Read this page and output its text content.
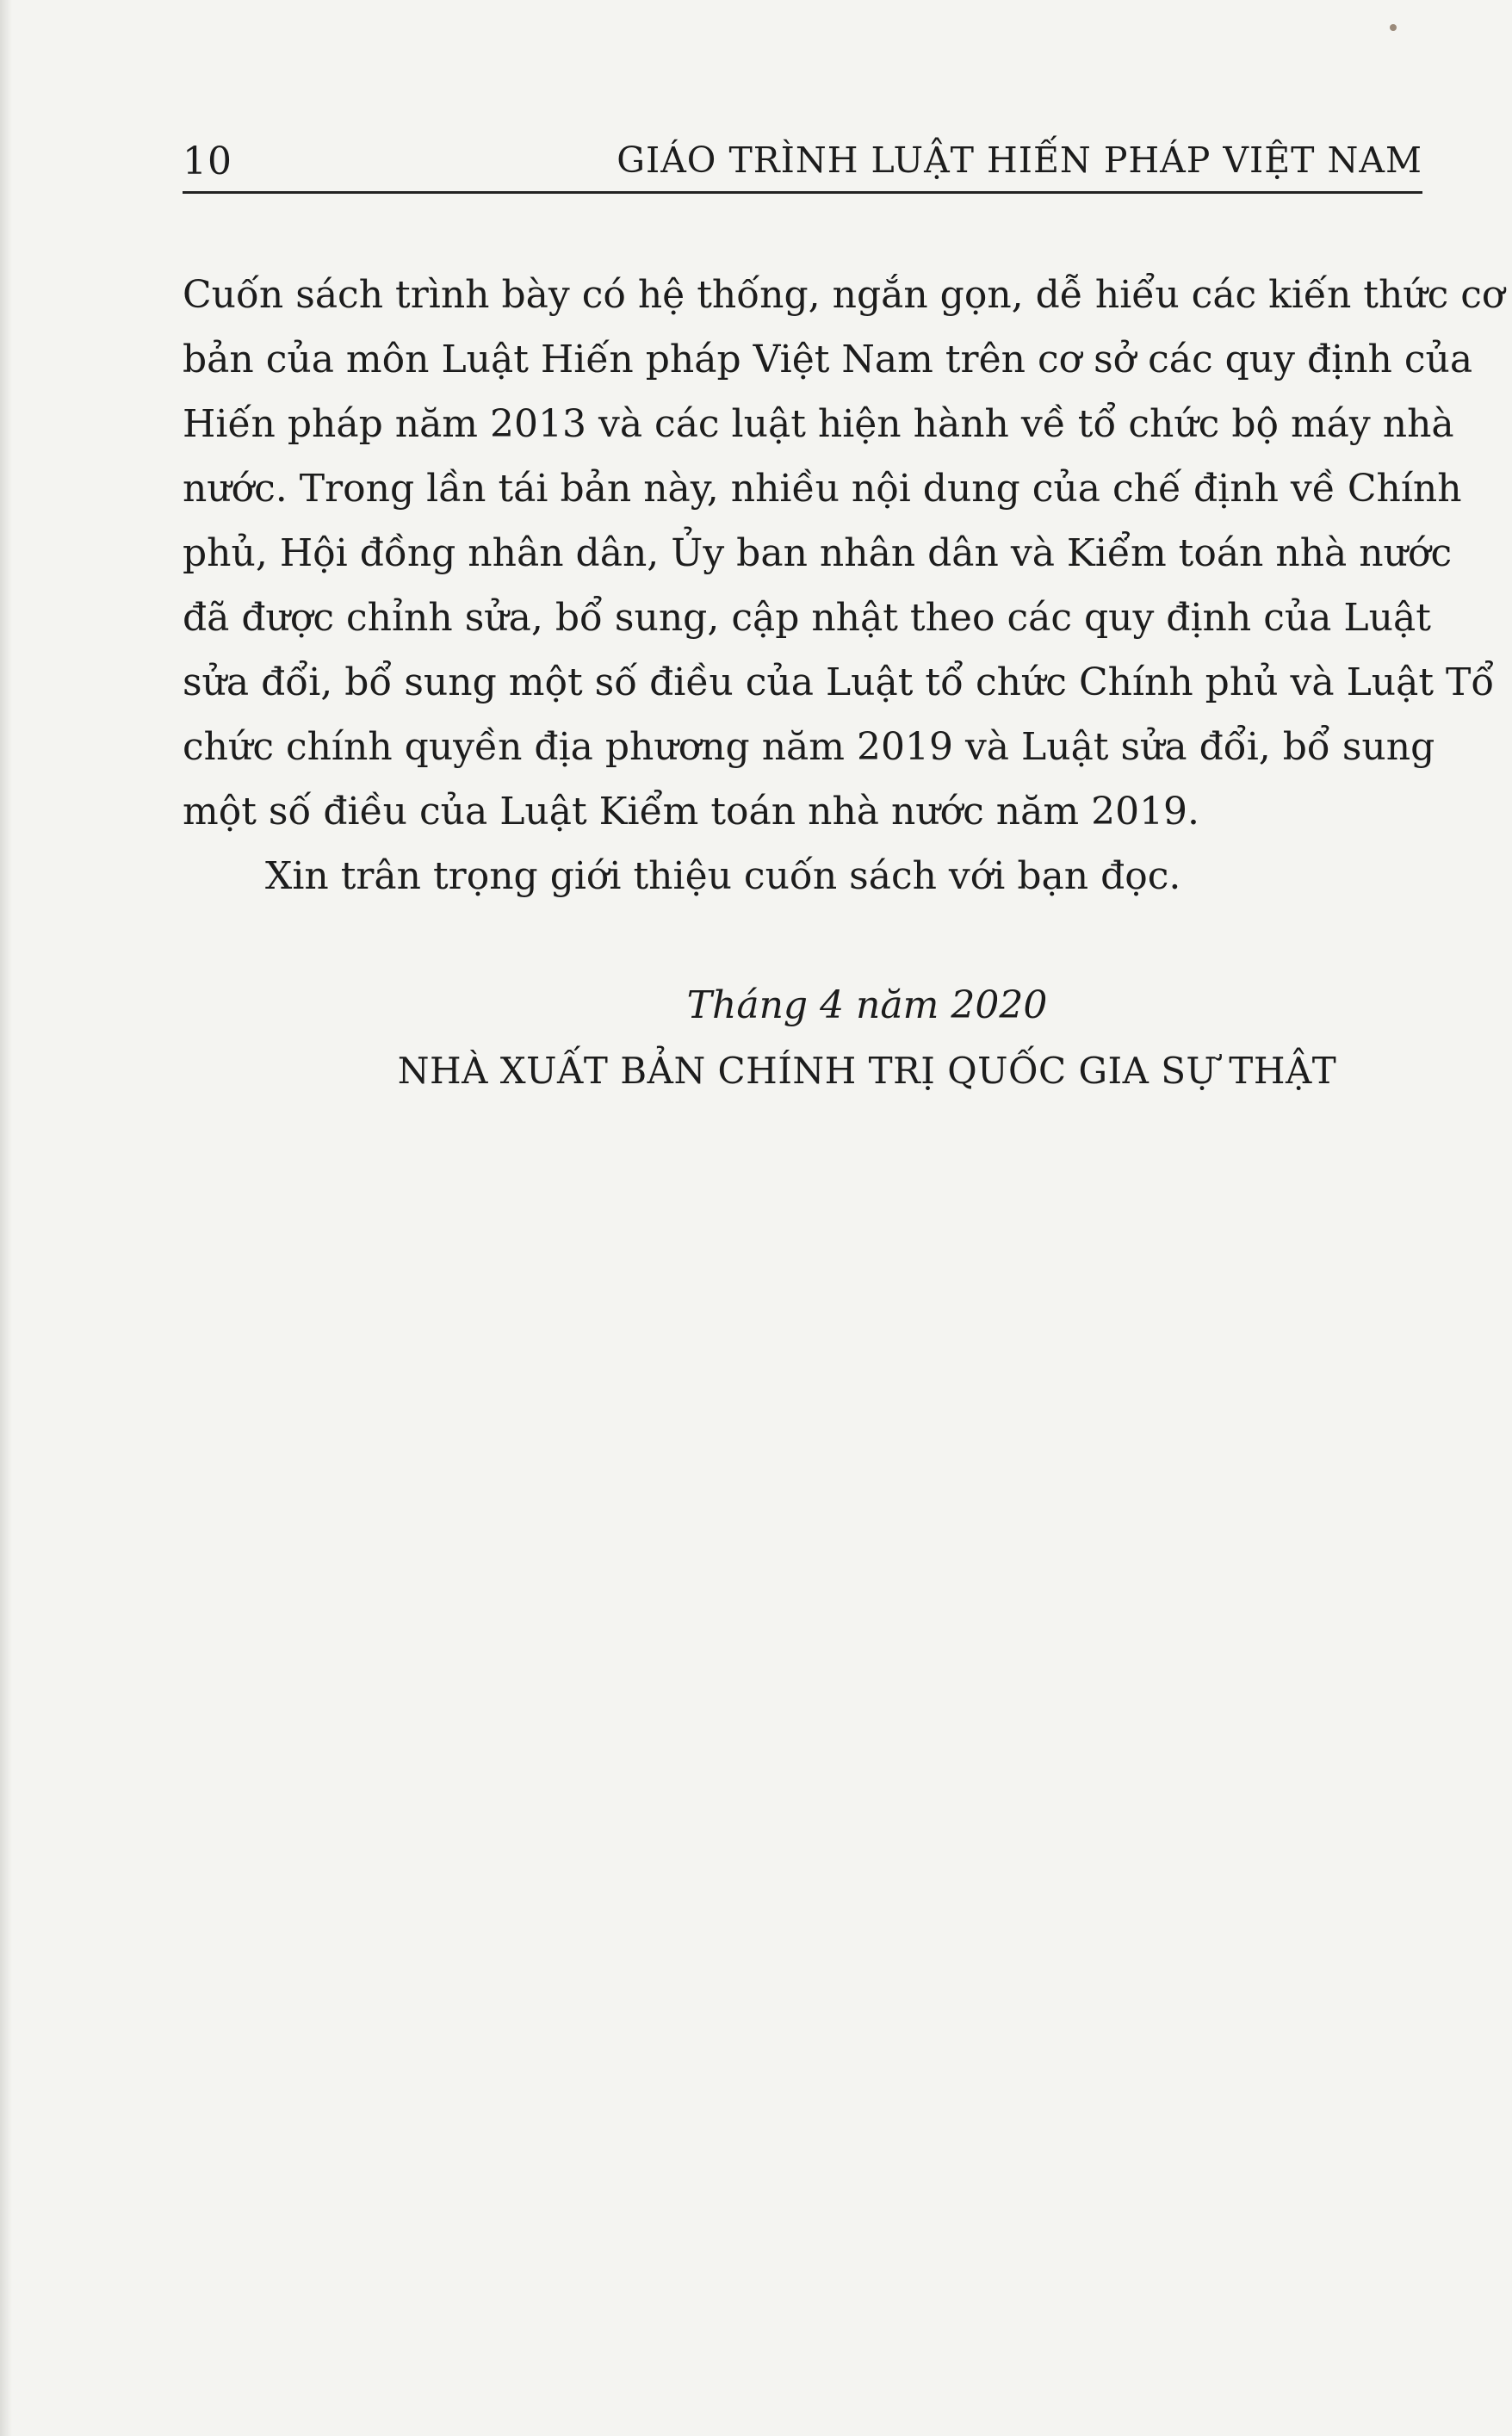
10	GIÁO TRÌNH LUẬT HIẾN PHÁP VIỆT NAM
Cuốn sách trình bày có hệ thống, ngắn gọn, dễ hiểu các kiến thức cơ
bản của môn Luật Hiến pháp Việt Nam trên cơ sở các quy định của
Hiến pháp năm 2013 và các luật hiện hành về tổ chức bộ máy nhà
nước. Trong lần tái bản này, nhiều nội dung của chế định về Chính
phủ, Hội đồng nhân dân, Ủy ban nhân dân và Kiểm toán nhà nước
đã được chỉnh sửa, bổ sung, cập nhật theo các quy định của Luật
sửa đổi, bổ sung một số điều của Luật tổ chức Chính phủ và Luật Tổ
chức chính quyền địa phương năm 2019 và Luật sửa đổi, bổ sung
một số điều của Luật Kiểm toán nhà nước năm 2019.
Xin trân trọng giới thiệu cuốn sách với bạn đọc.
Tháng 4 năm 2020
NHÀ XUẤT BẢN CHÍNH TRỊ QUỐC GIA SỰ THẬT
